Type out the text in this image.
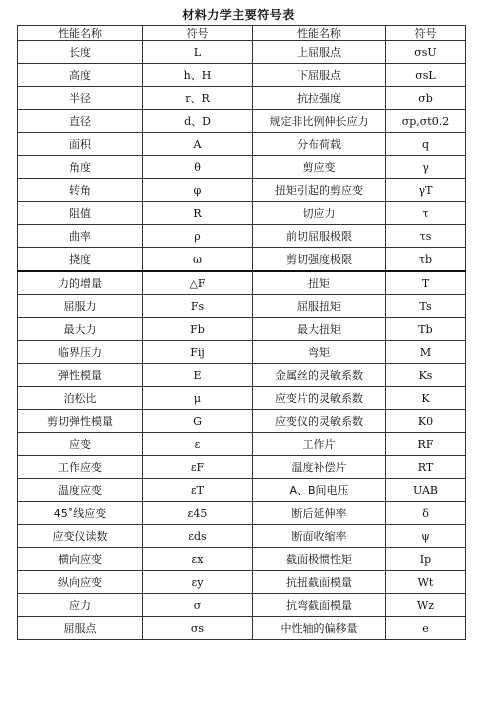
材料力学主要符号表
性能名称	符号	性能名称	符号
长度	L	上屈服点	σsU
高度	h、H	下屈服点	σsL
半径	r、R	抗拉强度	σb
直径	d、D	规定非比例伸长应力	σp,σt0.2
面积	A	分布荷载	q
角度	θ	剪应变	γ
转角	φ	扭矩引起的剪应变	γT
阻值	R	切应力	τ
曲率	ρ	前切屈服极限	τs
挠度	ω	剪切强度极限	τb
力的增量	△F	扭矩	T
屈服力	Fs	屈服扭矩	Ts
最大力	Fb	最大扭矩	Tb
临界压力	Fij	弯矩	M
弹性模量	E	金属丝的灵敏系数	Ks
泊松比	μ	应变片的灵敏系数	K
剪切弹性模量	G	应变仪的灵敏系数	K0
应变	ε	工作片	RF
工作应变	εF	温度补偿片	RT
温度应变	εT	A、B间电压	UAB
45˚线应变	ε45	断后延伸率	δ
应变仪读数	εds	断面收缩率	ψ
横向应变	εx	截面极惯性矩	Ip
纵向应变	εy	抗扭截面模量	Wt
应力	σ	抗弯截面模量	Wz
屈服点	σs	中性轴的偏移量	e
